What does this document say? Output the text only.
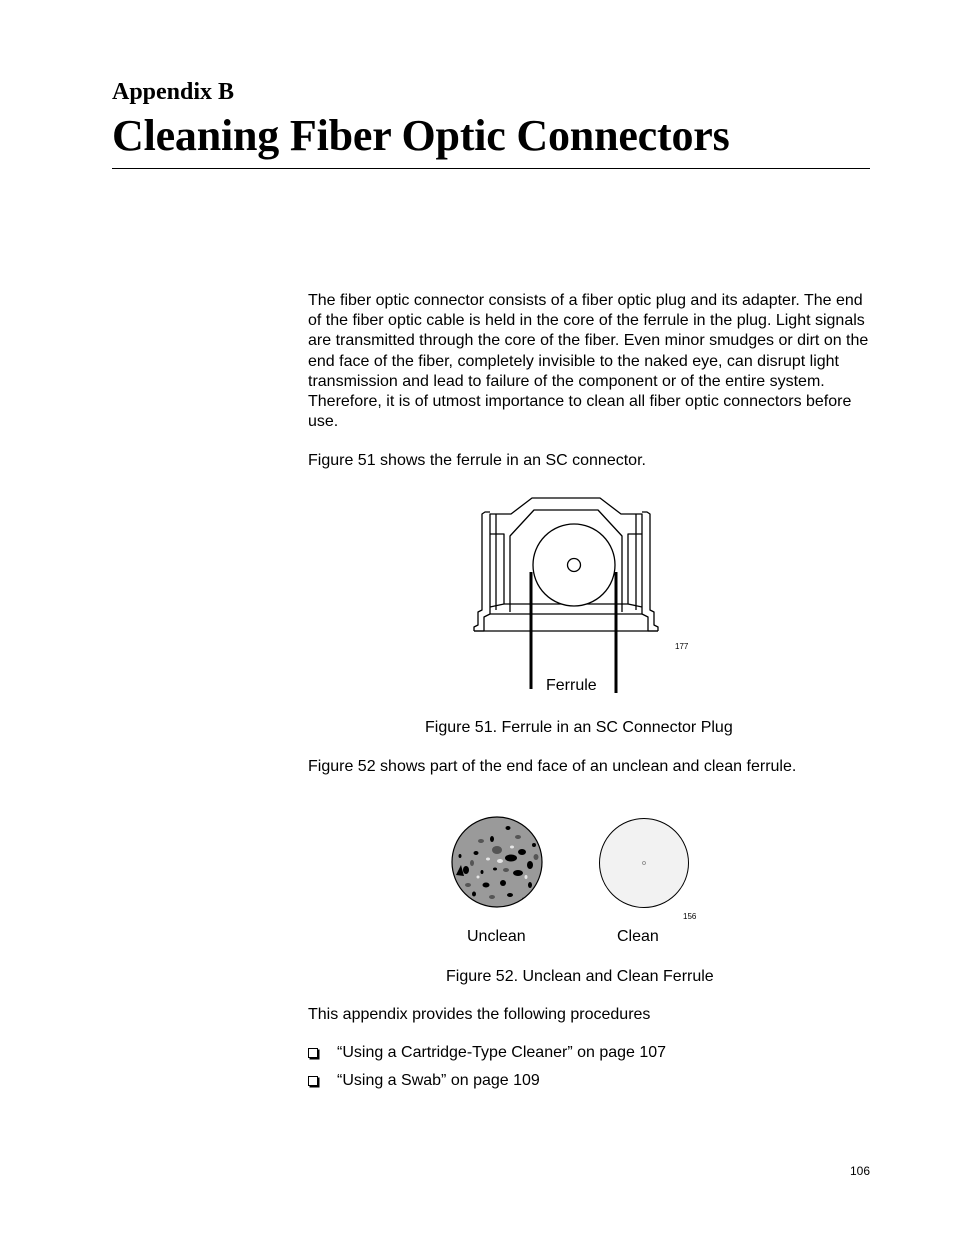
Appendix B
Cleaning Fiber Optic Connectors

The fiber optic connector consists of a fiber optic plug and its adapter. The end of the fiber optic cable is held in the core of the ferrule in the plug. Light signals are transmitted through the core of the fiber. Even minor smudges or dirt on the end face of the fiber, completely invisible to the naked eye, can disrupt light transmission and lead to failure of the component or of the entire system. Therefore, it is of utmost importance to clean all fiber optic connectors before use.

Figure 51 shows the ferrule in an SC connector.

Ferrule
177
Figure 51. Ferrule in an SC Connector Plug

Figure 52 shows part of the end face of an unclean and clean ferrule.

Unclean	Clean
156
Figure 52. Unclean and Clean Ferrule

This appendix provides the following procedures

“Using a Cartridge-Type Cleaner” on page 107
“Using a Swab” on page 109
106
